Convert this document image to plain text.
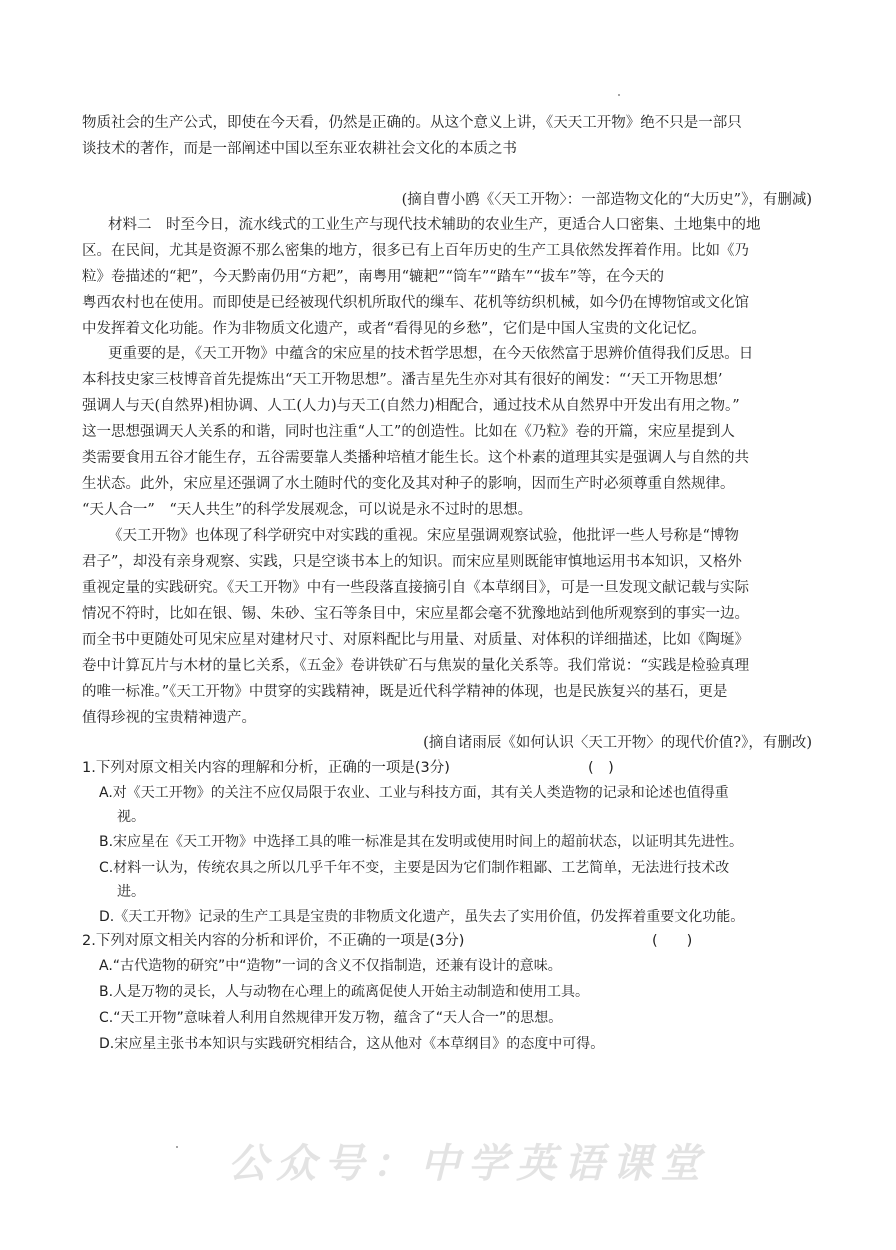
物质社会的生产公式，即使在今天看，仍然是正确的。从这个意义上讲，《天天工开物》绝不只是一部只
谈技术的著作，而是一部阐述中国以至东亚农耕社会文化的本质之书
(摘自曹小鸥《〈天工开物〉：一部造物文化的“大历史”》，有删减)
材料二　时至今日，流水线式的工业生产与现代技术辅助的农业生产，更适合人口密集、土地集中的地
区。在民间，尤其是资源不那么密集的地方，很多已有上百年历史的生产工具依然发挥着作用。比如《乃
粒》卷描述的“耙”，今天黔南仍用“方耙”，南粤用“辘耙”“筒车”“踏车”“拔车”等，在今天的
粤西农村也在使用。而即使是已经被现代织机所取代的缫车、花机等纺织机械，如今仍在博物馆或文化馆
中发挥着文化功能。作为非物质文化遗产，或者“看得见的乡愁”，它们是中国人宝贵的文化记忆。
更重要的是，《天工开物》中蕴含的宋应星的技术哲学思想，在今天依然富于思辨价值得我们反思。日
本科技史家三枝博音首先提炼出“天工开物思想”。潘吉星先生亦对其有很好的阐发：“‘天工开物思想’
强调人与天(自然界)相协调、人工(人力)与天工(自然力)相配合，通过技术从自然界中开发出有用之物。”
这一思想强调天人关系的和谐，同时也注重“人工”的创造性。比如在《乃粒》卷的开篇，宋应星提到人
类需要食用五谷才能生存，五谷需要靠人类播种培植才能生长。这个朴素的道理其实是强调人与自然的共
生状态。此外，宋应星还强调了水土随时代的变化及其对种子的影响，因而生产时必须尊重自然规律。
“天人合一”　“天人共生”的科学发展观念，可以说是永不过时的思想。
《天工开物》也体现了科学研究中对实践的重视。宋应星强调观察试验，他批评一些人号称是“博物
君子”，却没有亲身观察、实践，只是空谈书本上的知识。而宋应星则既能审慎地运用书本知识，又格外
重视定量的实践研究。《天工开物》中有一些段落直接摘引自《本草纲目》，可是一旦发现文献记载与实际
情况不符时，比如在银、锡、朱砂、宝石等条目中，宋应星都会毫不犹豫地站到他所观察到的事实一边。
而全书中更随处可见宋应星对建材尺寸、对原料配比与用量、对质量、对体积的详细描述，比如《陶埏》
卷中计算瓦片与木材的量匕关系，《五金》卷讲铁矿石与焦炭的量化关系等。我们常说：“实践是检验真理
的唯一标准。”《天工开物》中贯穿的实践精神，既是近代科学精神的体现，也是民族复兴的基石，更是
值得珍视的宝贵精神遗产。
(摘自诸雨辰《如何认识〈天工开物〉的现代价值?》，有删改)
1.下列对原文相关内容的理解和分析，正确的一项是(3分)	(　)
A.对《天工开物》的关注不应仅局限于农业、工业与科技方面，其有关人类造物的记录和论述也值得重
视。
B.宋应星在《天工开物》中选择工具的唯一标准是其在发明或使用时间上的超前状态，以证明其先进性。
C.材料一认为，传统农具之所以几乎千年不变，主要是因为它们制作粗鄙、工艺简单，无法进行技术改
进。
D.《天工开物》记录的生产工具是宝贵的非物质文化遗产，虽失去了实用价值，仍发挥着重要文化功能。
2.下列对原文相关内容的分析和评价，不正确的一项是(3分)	(　　)
A.“古代造物的研究”中“造物”一词的含义不仅指制造，还兼有设计的意味。
B.人是万物的灵长，人与动物在心理上的疏离促使人开始主动制造和使用工具。
C.“天工开物”意味着人利用自然规律开发万物，蕴含了“天人合一”的思想。
D.宋应星主张书本知识与实践研究相结合，这从他对《本草纲目》的态度中可得。
公众号：中学英语课堂
